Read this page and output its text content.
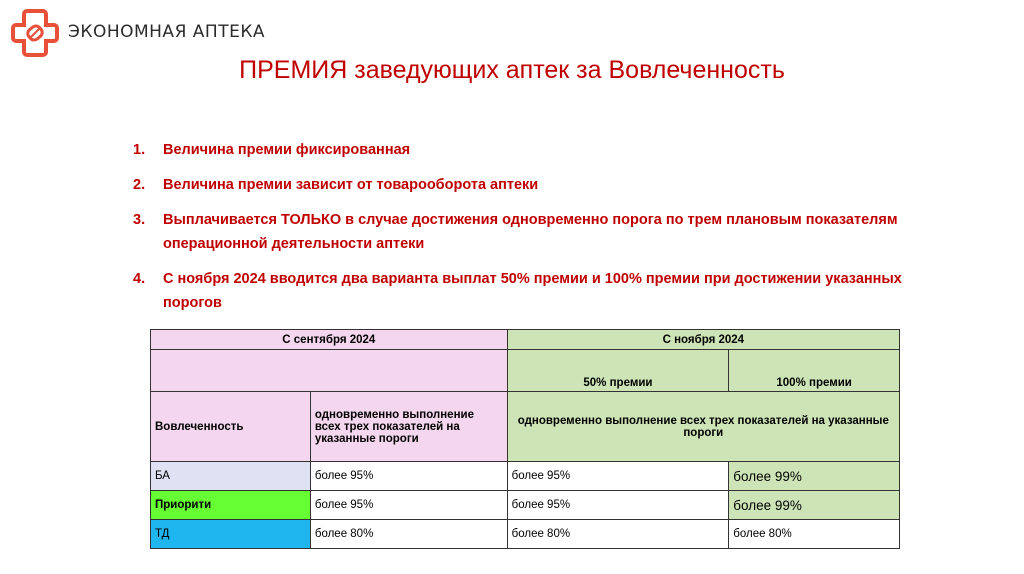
ЭКОНОМНАЯ АПТЕКА
ПРЕМИЯ заведующих аптек за Вовлеченность
1. Величина премии фиксированная
2. Величина премии зависит от товарооборота аптеки
3. Выплачивается ТОЛЬКО в случае достижения одновременно порога по трем плановым показателям операционной деятельности аптеки
4. С ноября 2024 вводится два варианта выплат 50% премии и 100% премии при достижении указанных порогов
С сентября 2024		С ноября 2024	
		50% премии	100% премии
Вовлеченность	одновременно выполнение всех трех показателей на указанные пороги	одновременно выполнение всех трех показателей на указанные пороги	
БА	более 95%	более 95%	более 99%
Приорити	более 95%	более 95%	более 99%
ТД	более 80%	более 80%	более 80%
